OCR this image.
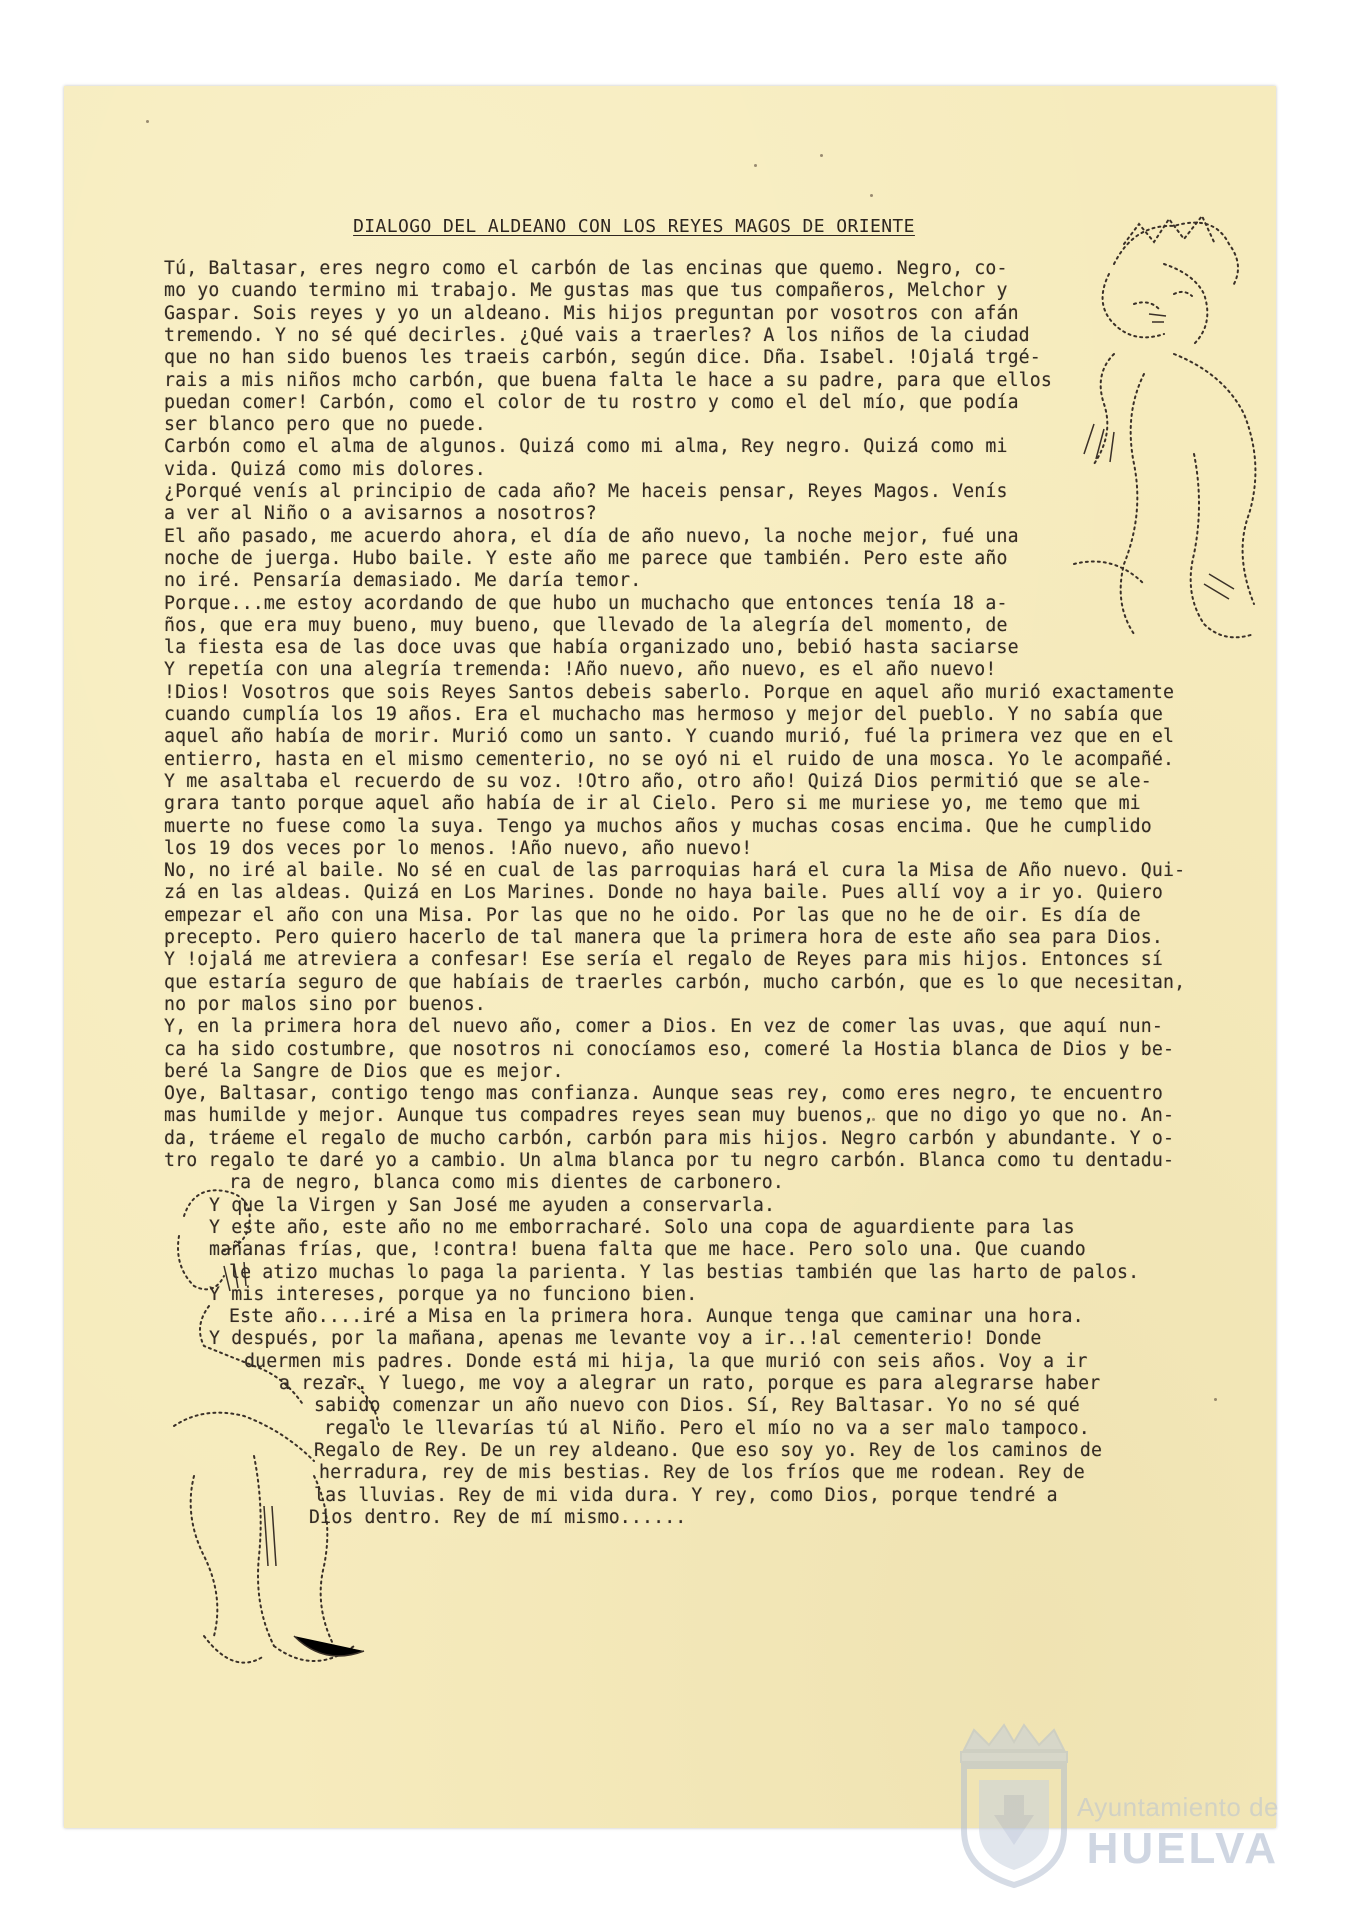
DIALOGO DEL ALDEANO CON LOS REYES MAGOS DE ORIENTE
Tú, Baltasar, eres negro como el carbón de las encinas que quemo. Negro, co-
mo yo cuando termino mi trabajo. Me gustas mas que tus compañeros, Melchor y
Gaspar. Sois reyes y yo un aldeano. Mis hijos preguntan por vosotros con afán
tremendo. Y no sé qué decirles. ¿Qué vais a traerles? A los niños de la ciudad
que no han sido buenos les traeis carbón, según dice. Dña. Isabel. !Ojalá trgé-
rais a mis niños mcho carbón, que buena falta le hace a su padre, para que ellos
puedan comer! Carbón, como el color de tu rostro y como el del mío, que podía
ser blanco pero que no puede.
Carbón como el alma de algunos. Quizá como mi alma, Rey negro. Quizá como mi
vida. Quizá como mis dolores.
¿Porqué venís al principio de cada año? Me haceis pensar, Reyes Magos. Venís
a ver al Niño o a avisarnos a nosotros?
El año pasado, me acuerdo ahora, el día de año nuevo, la noche mejor, fué una
noche de juerga. Hubo baile. Y este año me parece que también. Pero este año
no iré. Pensaría demasiado. Me daría temor.
Porque...me estoy acordando de que hubo un muchacho que entonces tenía 18 a-
ños, que era muy bueno, muy bueno, que llevado de la alegría del momento, de
la fiesta esa de las doce uvas que había organizado uno, bebió hasta saciarse
Y repetía con una alegría tremenda: !Año nuevo, año nuevo, es el año nuevo!
!Dios! Vosotros que sois Reyes Santos debeis saberlo. Porque en aquel año murió exactamente
cuando cumplía los 19 años. Era el muchacho mas hermoso y mejor del pueblo. Y no sabía que
aquel año había de morir. Murió como un santo. Y cuando murió, fué la primera vez que en el
entierro, hasta en el mismo cementerio, no se oyó ni el ruido de una mosca. Yo le acompañé.
Y me asaltaba el recuerdo de su voz. !Otro año, otro año! Quizá Dios permitió que se ale-
grara tanto porque aquel año había de ir al Cielo. Pero si me muriese yo, me temo que mi
muerte no fuese como la suya. Tengo ya muchos años y muchas cosas encima. Que he cumplido
los 19 dos veces por lo menos. !Año nuevo, año nuevo!
No, no iré al baile. No sé en cual de las parroquias hará el cura la Misa de Año nuevo. Qui-
zá en las aldeas. Quizá en Los Marines. Donde no haya baile. Pues allí voy a ir yo. Quiero
empezar el año con una Misa. Por las que no he oido. Por las que no he de oir. Es día de
precepto. Pero quiero hacerlo de tal manera que la primera hora de este año sea para Dios.
Y !ojalá me atreviera a confesar! Ese sería el regalo de Reyes para mis hijos. Entonces sí
que estaría seguro de que habíais de traerles carbón, mucho carbón, que es lo que necesitan,
no por malos sino por buenos.
Y, en la primera hora del nuevo año, comer a Dios. En vez de comer las uvas, que aquí nun-
ca ha sido costumbre, que nosotros ni conocíamos eso, comeré la Hostia blanca de Dios y be-
beré la Sangre de Dios que es mejor.
Oye, Baltasar, contigo tengo mas confianza. Aunque seas rey, como eres negro, te encuentro
mas humilde y mejor. Aunque tus compadres reyes sean muy buenos, que no digo yo que no. An-
da, tráeme el regalo de mucho carbón, carbón para mis hijos. Negro carbón y abundante. Y o-
tro regalo te daré yo a cambio. Un alma blanca por tu negro carbón. Blanca como tu dentadu-
ra de negro, blanca como mis dientes de carbonero.
Y que la Virgen y San José me ayuden a conservarla.
Y este año, este año no me emborracharé. Solo una copa de aguardiente para las
mañanas frías, que, !contra! buena falta que me hace. Pero solo una. Que cuando
le atizo muchas lo paga la parienta. Y las bestias también que las harto de palos.
Y mis intereses, porque ya no funciono bien.
Este año....iré a Misa en la primera hora. Aunque tenga que caminar una hora.
Y después, por la mañana, apenas me levante voy a ir..!al cementerio! Donde
duermen mis padres. Donde está mi hija, la que murió con seis años. Voy a ir
a rezar. Y luego, me voy a alegrar un rato, porque es para alegrarse haber
sabido comenzar un año nuevo con Dios. Sí, Rey Baltasar. Yo no sé qué
regalo le llevarías tú al Niño. Pero el mío no va a ser malo tampoco.
Regalo de Rey. De un rey aldeano. Que eso soy yo. Rey de los caminos de
herradura, rey de mis bestias. Rey de los fríos que me rodean. Rey de
las lluvias. Rey de mi vida dura. Y rey, como Dios, porque tendré a
Dios dentro. Rey de mí mismo......
Ayuntamiento de
HUELVA
